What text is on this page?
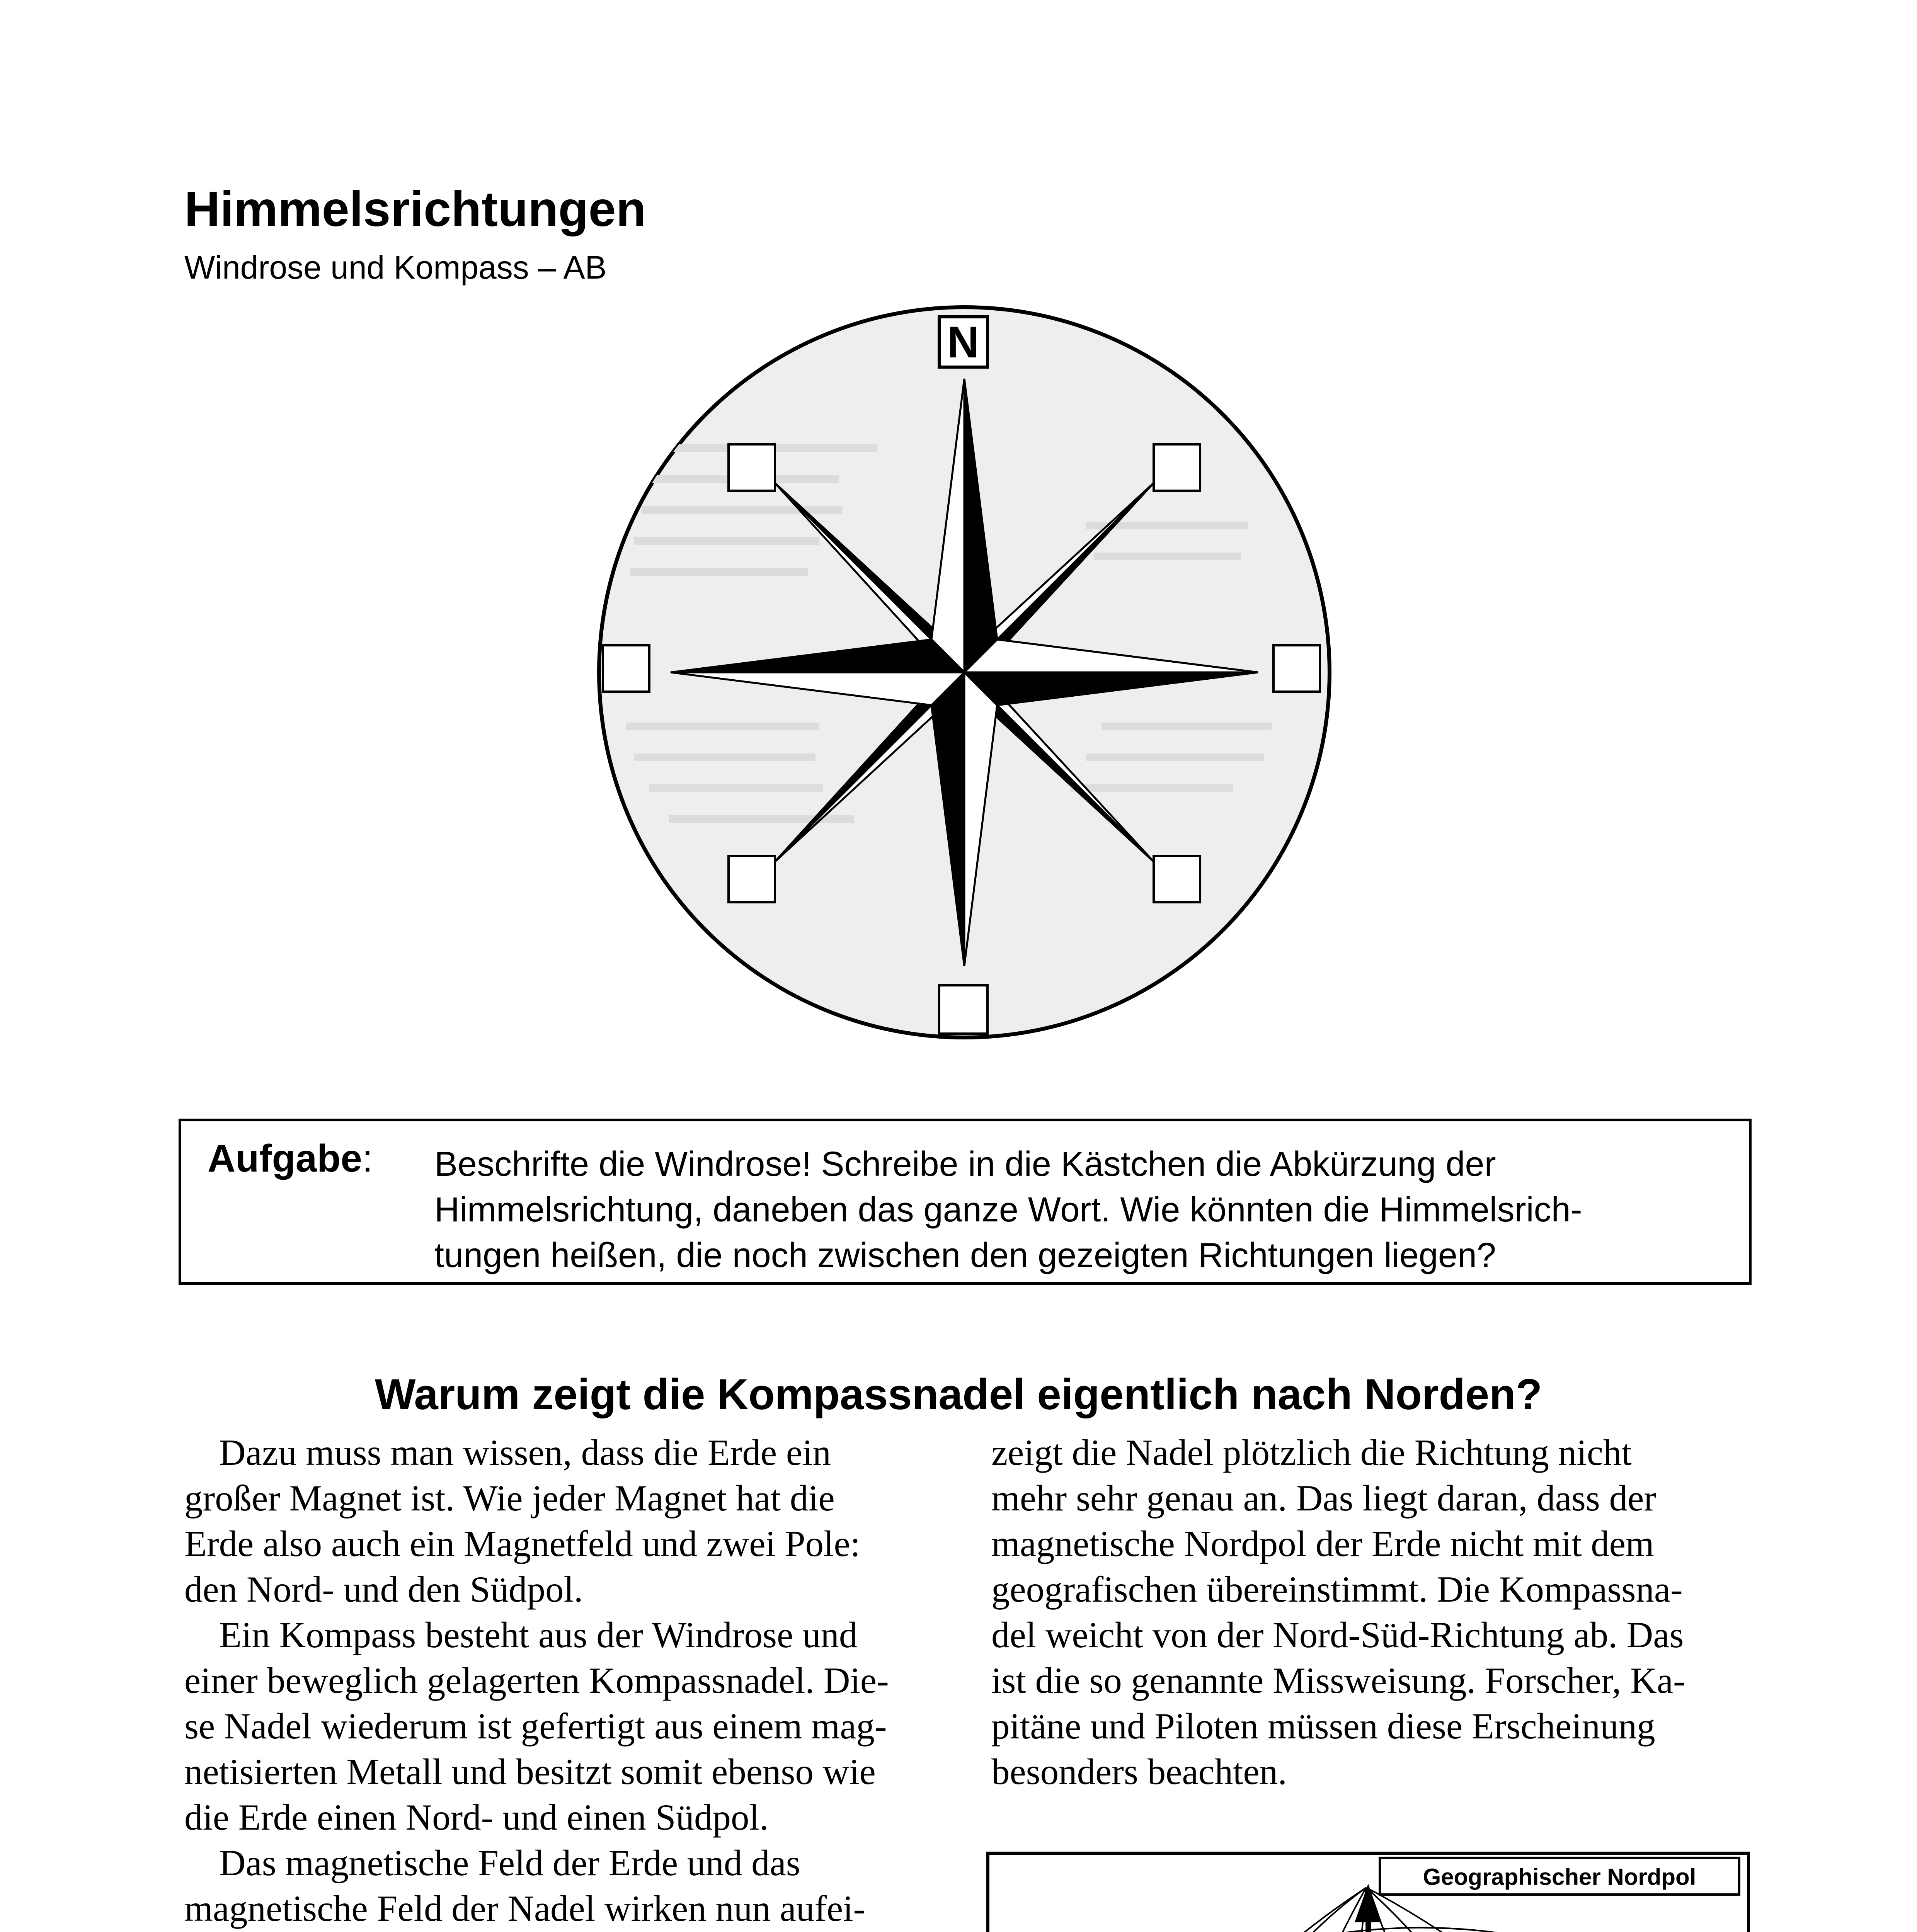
Himmelsrichtungen
Windrose und Kompass – AB
N
Aufgabe: Beschrifte die Windrose! Schreibe in die Kästchen die Abkürzung der
Himmelsrichtung, daneben das ganze Wort. Wie könnten die Himmelsrich-
tungen heißen, die noch zwischen den gezeigten Richtungen liegen?

Warum zeigt die Kompassnadel eigentlich nach Norden?

Dazu muss man wissen, dass die Erde ein
großer Magnet ist. Wie jeder Magnet hat die
Erde also auch ein Magnetfeld und zwei Pole:
den Nord- und den Südpol.
Ein Kompass besteht aus der Windrose und
einer beweglich gelagerten Kompassnadel. Die-
se Nadel wiederum ist gefertigt aus einem mag-
netisierten Metall und besitzt somit ebenso wie
die Erde einen Nord- und einen Südpol.
Das magnetische Feld der Erde und das
magnetische Feld der Nadel wirken nun aufei-

zeigt die Nadel plötzlich die Richtung nicht
mehr sehr genau an. Das liegt daran, dass der
magnetische Nordpol der Erde nicht mit dem
geografischen übereinstimmt. Die Kompassna-
del weicht von der Nord-Süd-Richtung ab. Das
ist die so genannte Missweisung. Forscher, Ka-
pitäne und Piloten müssen diese Erscheinung
besonders beachten.

Geographischer Nordpol
